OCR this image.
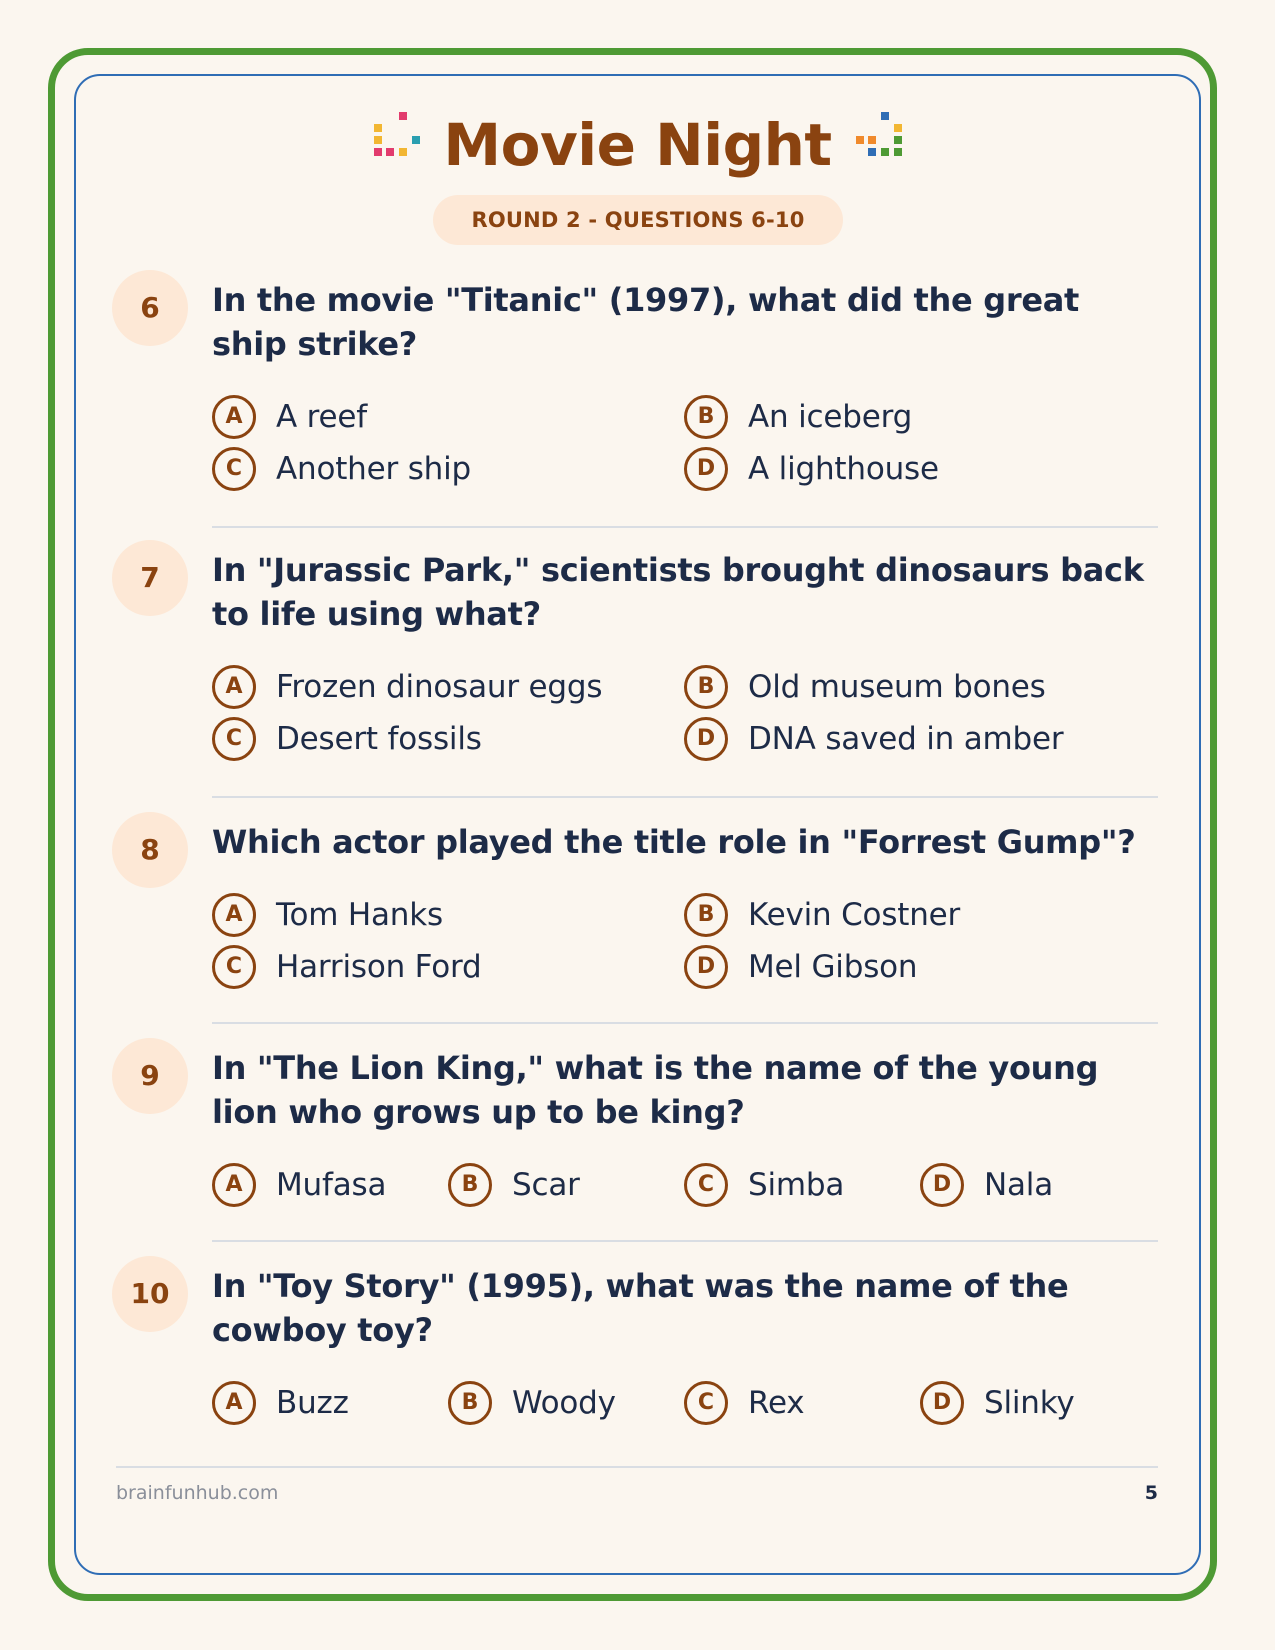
Movie Night
ROUND 2 - QUESTIONS 6-10
6	In the movie "Titanic" (1997), what did the great ship strike?
A	A reef	B	An iceberg
C	Another ship	D	A lighthouse
7	In "Jurassic Park," scientists brought dinosaurs back to life using what?
A	Frozen dinosaur eggs	B	Old museum bones
C	Desert fossils	D	DNA saved in amber
8	Which actor played the title role in "Forrest Gump"?
A	Tom Hanks	B	Kevin Costner
C	Harrison Ford	D	Mel Gibson
9	In "The Lion King," what is the name of the young lion who grows up to be king?
A	Mufasa	B	Scar	C	Simba	D	Nala
10	In "Toy Story" (1995), what was the name of the cowboy toy?
A	Buzz	B	Woody	C	Rex	D	Slinky
brainfunhub.com	5
